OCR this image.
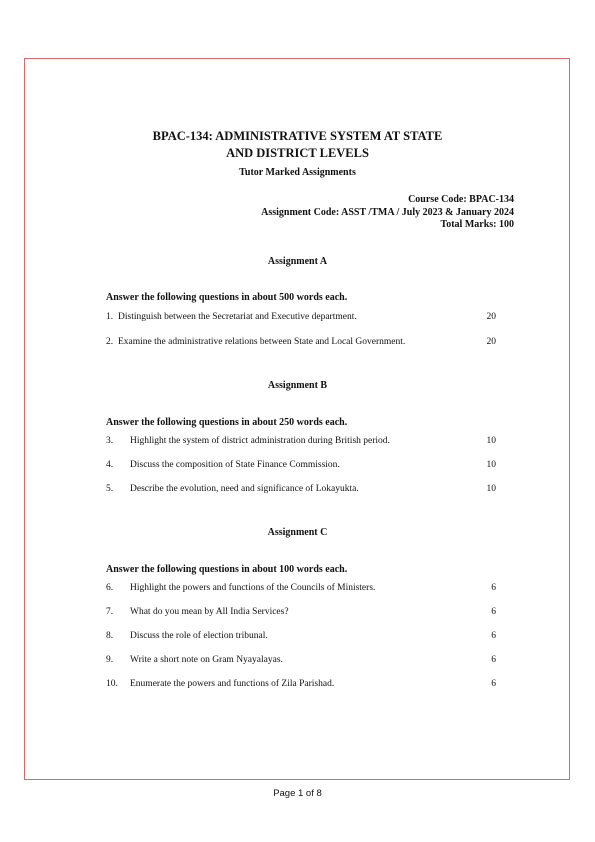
BPAC-134: ADMINISTRATIVE SYSTEM AT STATE
AND DISTRICT LEVELS
Tutor Marked Assignments
Course Code: BPAC-134
Assignment Code: ASST /TMA / July 2023 & January 2024
Total Marks: 100
Assignment A
Answer the following questions in about 500 words each.
1. Distinguish between the Secretariat and Executive department.	20
2. Examine the administrative relations between State and Local Government.	20
Assignment B
Answer the following questions in about 250 words each.
3. Highlight the system of district administration during British period.	10
4. Discuss the composition of State Finance Commission.	10
5. Describe the evolution, need and significance of Lokayukta.	10
Assignment C
Answer the following questions in about 100 words each.
6. Highlight the powers and functions of the Councils of Ministers.	6
7. What do you mean by All India Services?	6
8. Discuss the role of election tribunal.	6
9. Write a short note on Gram Nyayalayas.	6
10. Enumerate the powers and functions of Zila Parishad.	6
Page 1 of 8
